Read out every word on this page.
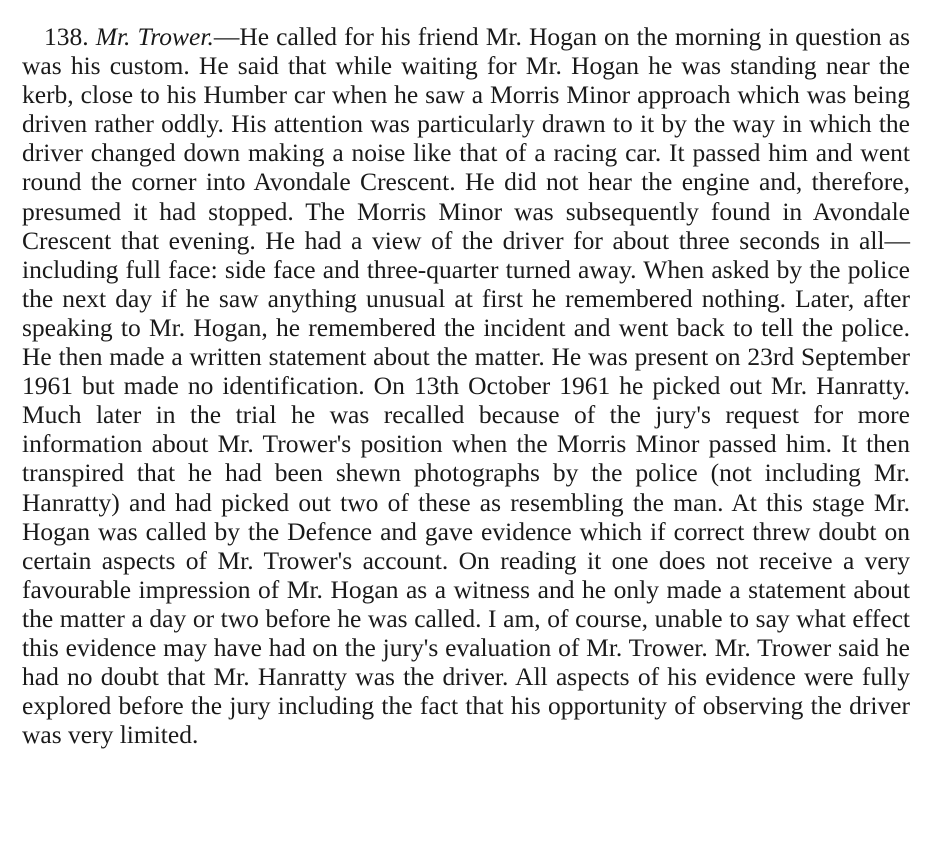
138. Mr. Trower.—He called for his friend Mr. Hogan on the morning in question as was his custom. He said that while waiting for Mr. Hogan he was standing near the kerb, close to his Humber car when he saw a Morris Minor approach which was being driven rather oddly. His attention was particularly drawn to it by the way in which the driver changed down making a noise like that of a racing car. It passed him and went round the corner into Avondale Crescent. He did not hear the engine and, therefore, presumed it had stopped. The Morris Minor was subsequently found in Avondale Crescent that evening. He had a view of the driver for about three seconds in all—including full face: side face and three-quarter turned away. When asked by the police the next day if he saw anything unusual at first he remembered nothing. Later, after speaking to Mr. Hogan, he remembered the incident and went back to tell the police. He then made a written statement about the matter. He was present on 23rd September 1961 but made no identification. On 13th October 1961 he picked out Mr. Hanratty. Much later in the trial he was recalled because of the jury's request for more information about Mr. Trower's position when the Morris Minor passed him. It then transpired that he had been shewn photographs by the police (not including Mr. Hanratty) and had picked out two of these as resembling the man. At this stage Mr. Hogan was called by the Defence and gave evidence which if correct threw doubt on certain aspects of Mr. Trower's account. On reading it one does not receive a very favourable impression of Mr. Hogan as a witness and he only made a statement about the matter a day or two before he was called. I am, of course, unable to say what effect this evidence may have had on the jury's evaluation of Mr. Trower. Mr. Trower said he had no doubt that Mr. Hanratty was the driver. All aspects of his evidence were fully explored before the jury including the fact that his opportunity of observing the driver was very limited.
